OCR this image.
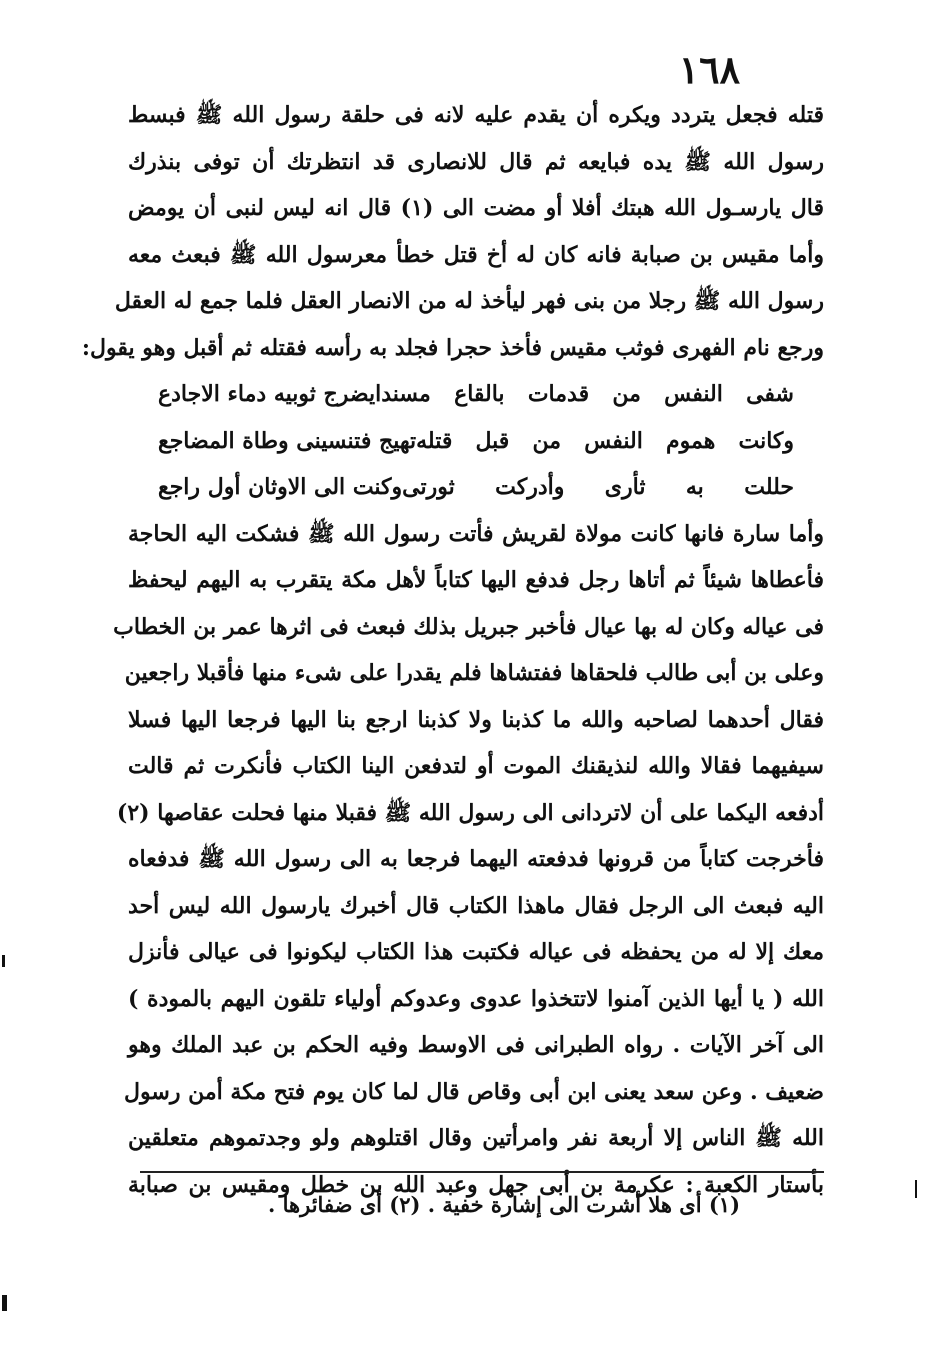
١٦٨
قتله فجعل يتردد ويكره أن يقدم عليه لانه فى حلقة رسول الله ﷺ فبسط
رسول الله ﷺ يده فبايعه ثم قال للانصارى قد انتظرتك أن توفى بنذرك
قال يارسـول الله هبتك أفلا أو مضت الى (١) قال انه ليس لنبى أن يومض
وأما مقيس بن صبابة فانه كان له أخ قتل خطأ معرسول الله ﷺ فبعث معه
رسول الله ﷺ رجلا من بنى فهر ليأخذ له من الانصار العقل فلما جمع له العقل
ورجع نام الفهرى فوثب مقيس فأخذ حجرا فجلد به رأسه فقتله ثم أقبل وهو يقول:
شفى النفس من قدمات بالقاع مسندا
يضرج ثوبيه دماء الاجادع
وكانت هموم النفس من قبل قتله
تهيج فتنسينى وطاة المضاجع
حللت به ثأرى وأدركت ثورتى
وكنت الى الاوثان أول راجع
وأما سارة فانها كانت مولاة لقريش فأتت رسول الله ﷺ فشكت اليه الحاجة
فأعطاها شيئاً ثم أتاها رجل فدفع اليها كتاباً لأهل مكة يتقرب به اليهم ليحفظ
فى عياله وكان له بها عيال فأخبر جبريل بذلك فبعث فى اثرها عمر بن الخطاب
وعلى بن أبى طالب فلحقاها ففتشاها فلم يقدرا على شىء منها فأقبلا راجعين
فقال أحدهما لصاحبه والله ما كذبنا ولا كذبنا ارجع بنا اليها فرجعا اليها فسلا
سيفيهما فقالا والله لنذيقنك الموت أو لتدفعن الينا الكتاب فأنكرت ثم قالت
أدفعه اليكما على أن لاتردانى الى رسول الله ﷺ فقبلا منها فحلت عقاصها (٢)
فأخرجت كتاباً من قرونها فدفعته اليهما فرجعا به الى رسول الله ﷺ فدفعاه
اليه فبعث الى الرجل فقال ماهذا الكتاب قال أخبرك يارسول الله ليس أحد
معك إلا له من يحفظه فى عياله فكتبت هذا الكتاب ليكونوا فى عيالى فأنزل
الله ( يا أيها الذين آمنوا لاتتخذوا عدوى وعدوكم أولياء تلقون اليهم بالمودة )
الى آخر الآيات . رواه الطبرانى فى الاوسط وفيه الحكم بن عبد الملك وهو
ضعيف . وعن سعد يعنى ابن أبى وقاص قال لما كان يوم فتح مكة أمن رسول
الله ﷺ الناس إلا أربعة نفر وامرأتين وقال اقتلوهم ولو وجدتموهم متعلقين
بأستار الكعبة : عكرمة بن أبى جهل وعبد الله بن خطل ومقيس بن صبابة
(١) أى هلا أشرت الى إشارة خفية . (٢) أى ضفائرها .
